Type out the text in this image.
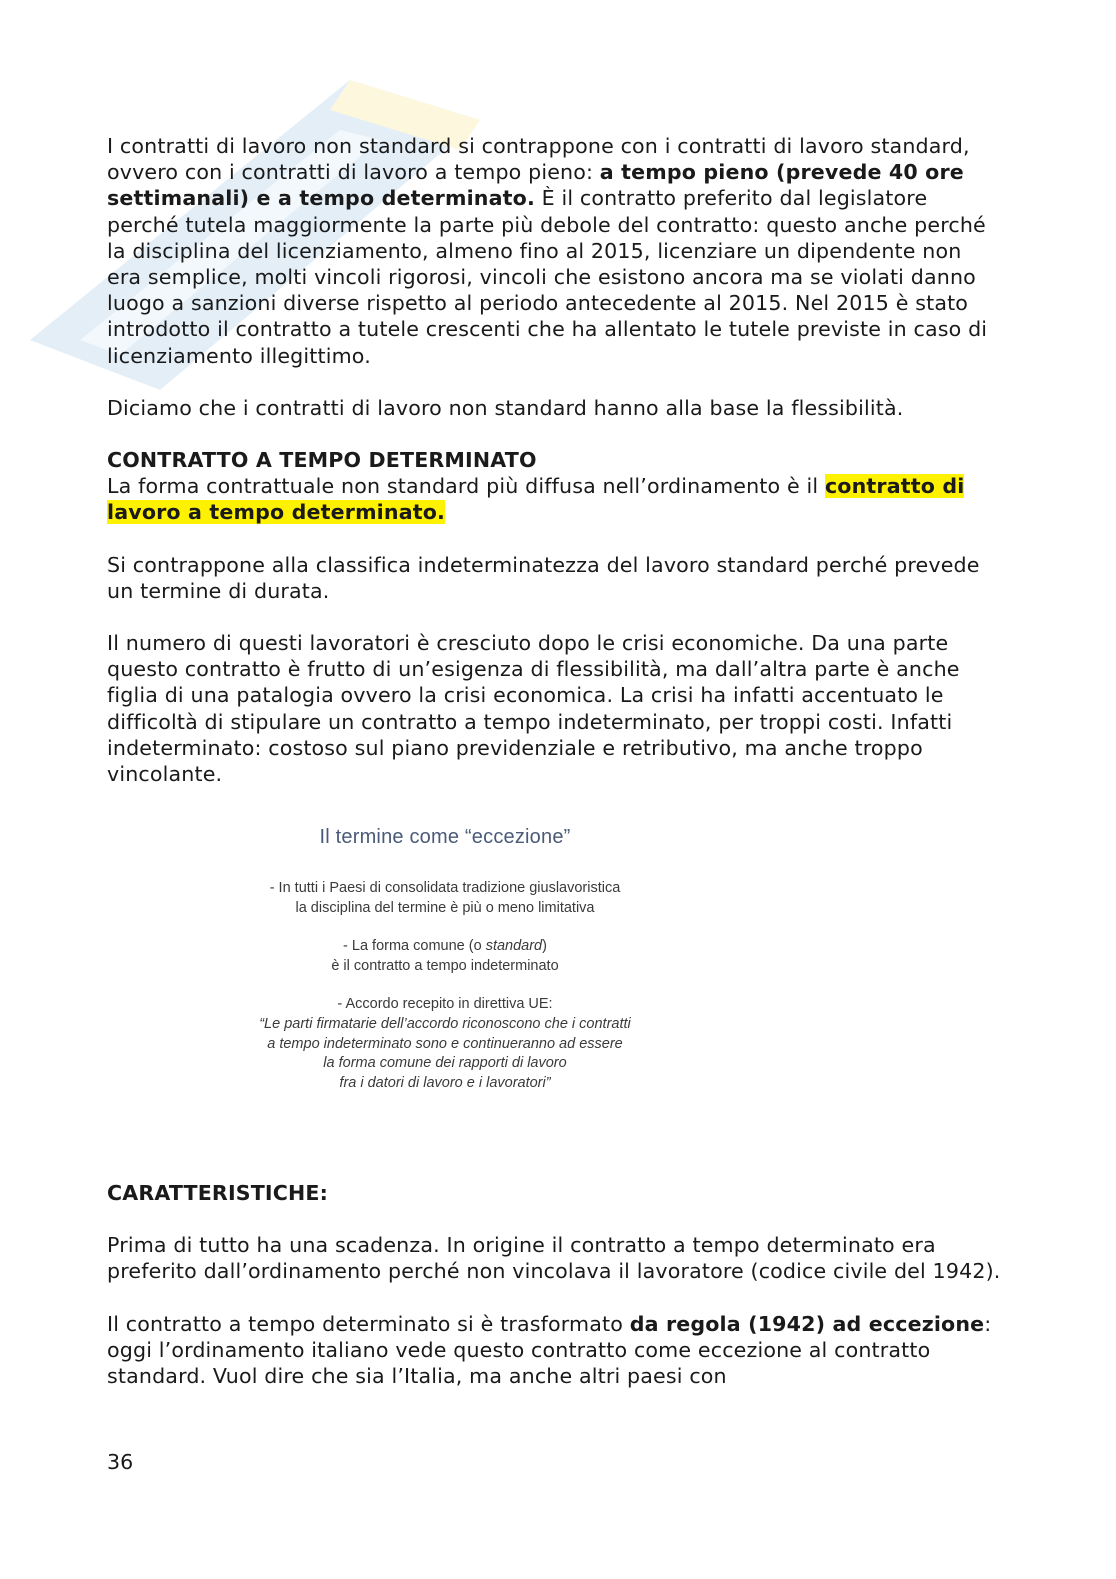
I contratti di lavoro non standard si contrappone con i contratti di lavoro standard, ovvero con i contratti di lavoro a tempo pieno: a tempo pieno (prevede 40 ore settimanali) e a tempo determinato. È il contratto preferito dal legislatore perché tutela maggiormente la parte più debole del contratto: questo anche perché la disciplina del licenziamento, almeno fino al 2015, licenziare un dipendente non era semplice, molti vincoli rigorosi, vincoli che esistono ancora ma se violati danno luogo a sanzioni diverse rispetto al periodo antecedente al 2015. Nel 2015 è stato introdotto il contratto a tutele crescenti che ha allentato le tutele previste in caso di licenziamento illegittimo.

Diciamo che i contratti di lavoro non standard hanno alla base la flessibilità.

CONTRATTO A TEMPO DETERMINATO

La forma contrattuale non standard più diffusa nell’ordinamento è il contratto di lavoro a tempo determinato.

Si contrappone alla classifica indeterminatezza del lavoro standard perché prevede un termine di durata.

Il numero di questi lavoratori è cresciuto dopo le crisi economiche. Da una parte questo contratto è frutto di un’esigenza di flessibilità, ma dall’altra parte è anche figlia di una patalogia ovvero la crisi economica. La crisi ha infatti accentuato le difficoltà di stipulare un contratto a tempo indeterminato, per troppi costi. Infatti indeterminato: costoso sul piano previdenziale e retributivo, ma anche troppo vincolante.

Il termine come “eccezione”
- In tutti i Paesi di consolidata tradizione giuslavoristica
la disciplina del termine è più o meno limitativa
- La forma comune (o standard)
è il contratto a tempo indeterminato
- Accordo recepito in direttiva UE:
“Le parti firmatarie dell’accordo riconoscono che i contratti
a tempo indeterminato sono e continueranno ad essere
la forma comune dei rapporti di lavoro
fra i datori di lavoro e i lavoratori”

CARATTERISTICHE:

Prima di tutto ha una scadenza. In origine il contratto a tempo determinato era preferito dall’ordinamento perché non vincolava il lavoratore (codice civile del 1942).

Il contratto a tempo determinato si è trasformato da regola (1942) ad eccezione: oggi l’ordinamento italiano vede questo contratto come eccezione al contratto standard. Vuol dire che sia l’Italia, ma anche altri paesi con

36
